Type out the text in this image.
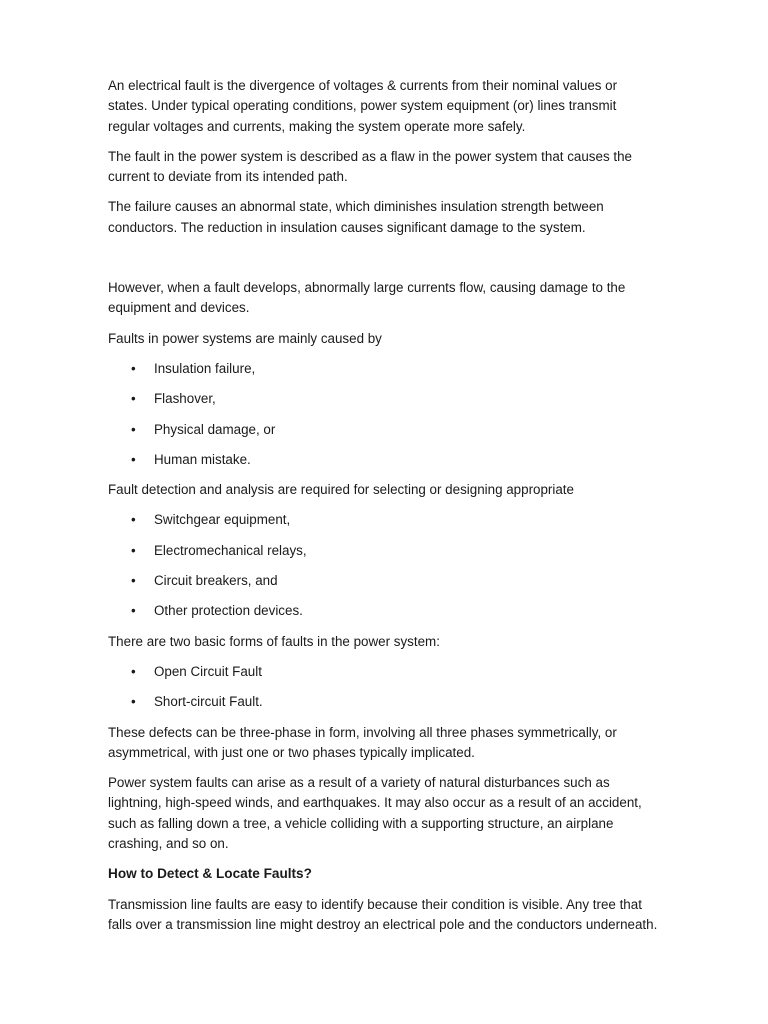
An electrical fault is the divergence of voltages & currents from their nominal values or states. Under typical operating conditions, power system equipment (or) lines transmit regular voltages and currents, making the system operate more safely.

The fault in the power system is described as a flaw in the power system that causes the current to deviate from its intended path.

The failure causes an abnormal state, which diminishes insulation strength between conductors. The reduction in insulation causes significant damage to the system.

However, when a fault develops, abnormally large currents flow, causing damage to the equipment and devices.

Faults in power systems are mainly caused by

• Insulation failure,
• Flashover,
• Physical damage, or
• Human mistake.

Fault detection and analysis are required for selecting or designing appropriate

• Switchgear equipment,
• Electromechanical relays,
• Circuit breakers, and
• Other protection devices.

There are two basic forms of faults in the power system:

• Open Circuit Fault
• Short-circuit Fault.

These defects can be three-phase in form, involving all three phases symmetrically, or asymmetrical, with just one or two phases typically implicated.

Power system faults can arise as a result of a variety of natural disturbances such as lightning, high-speed winds, and earthquakes. It may also occur as a result of an accident, such as falling down a tree, a vehicle colliding with a supporting structure, an airplane crashing, and so on.

How to Detect & Locate Faults?

Transmission line faults are easy to identify because their condition is visible. Any tree that falls over a transmission line might destroy an electrical pole and the conductors underneath.
